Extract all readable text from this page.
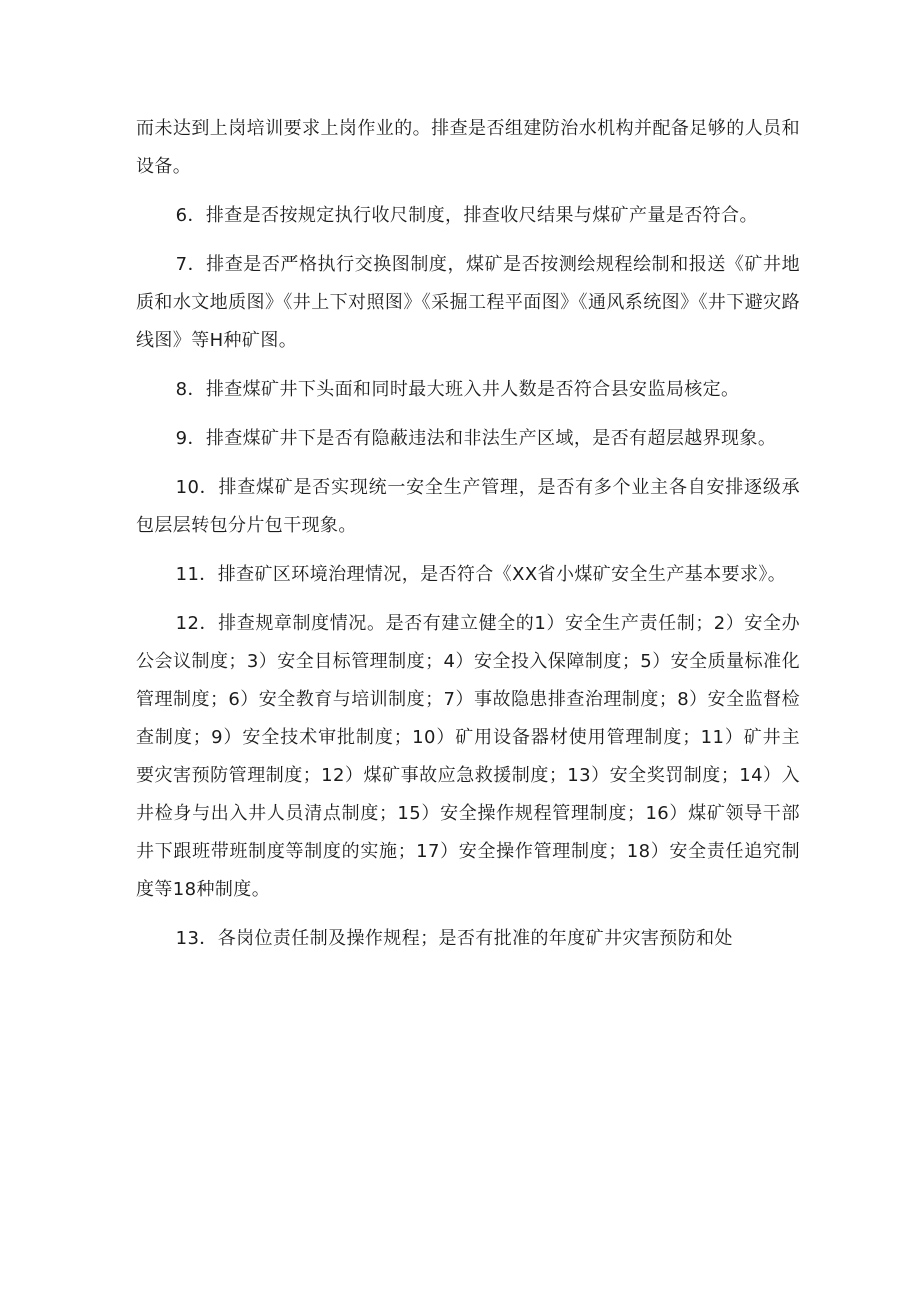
而未达到上岗培训要求上岗作业的。排查是否组建防治水机构并配备足够的人员和设备。

6．排查是否按规定执行收尺制度，排查收尺结果与煤矿产量是否符合。

7．排查是否严格执行交换图制度，煤矿是否按测绘规程绘制和报送《矿井地质和水文地质图》《井上下对照图》《采掘工程平面图》《通风系统图》《井下避灾路线图》等H种矿图。

8．排查煤矿井下头面和同时最大班入井人数是否符合县安监局核定。

9．排查煤矿井下是否有隐蔽违法和非法生产区域，是否有超层越界现象。

10．排查煤矿是否实现统一安全生产管理，是否有多个业主各自安排逐级承包层层转包分片包干现象。

11．排查矿区环境治理情况，是否符合《XX省小煤矿安全生产基本要求》。

12．排查规章制度情况。是否有建立健全的1）安全生产责任制；2）安全办公会议制度；3）安全目标管理制度；4）安全投入保障制度；5）安全质量标准化管理制度；6）安全教育与培训制度；7）事故隐患排查治理制度；8）安全监督检查制度；9）安全技术审批制度；10）矿用设备器材使用管理制度；11）矿井主要灾害预防管理制度；12）煤矿事故应急救援制度；13）安全奖罚制度；14）入井检身与出入井人员清点制度；15）安全操作规程管理制度；16）煤矿领导干部井下跟班带班制度等制度的实施；17）安全操作管理制度；18）安全责任追究制度等18种制度。

13．各岗位责任制及操作规程；是否有批准的年度矿井灾害预防和处
